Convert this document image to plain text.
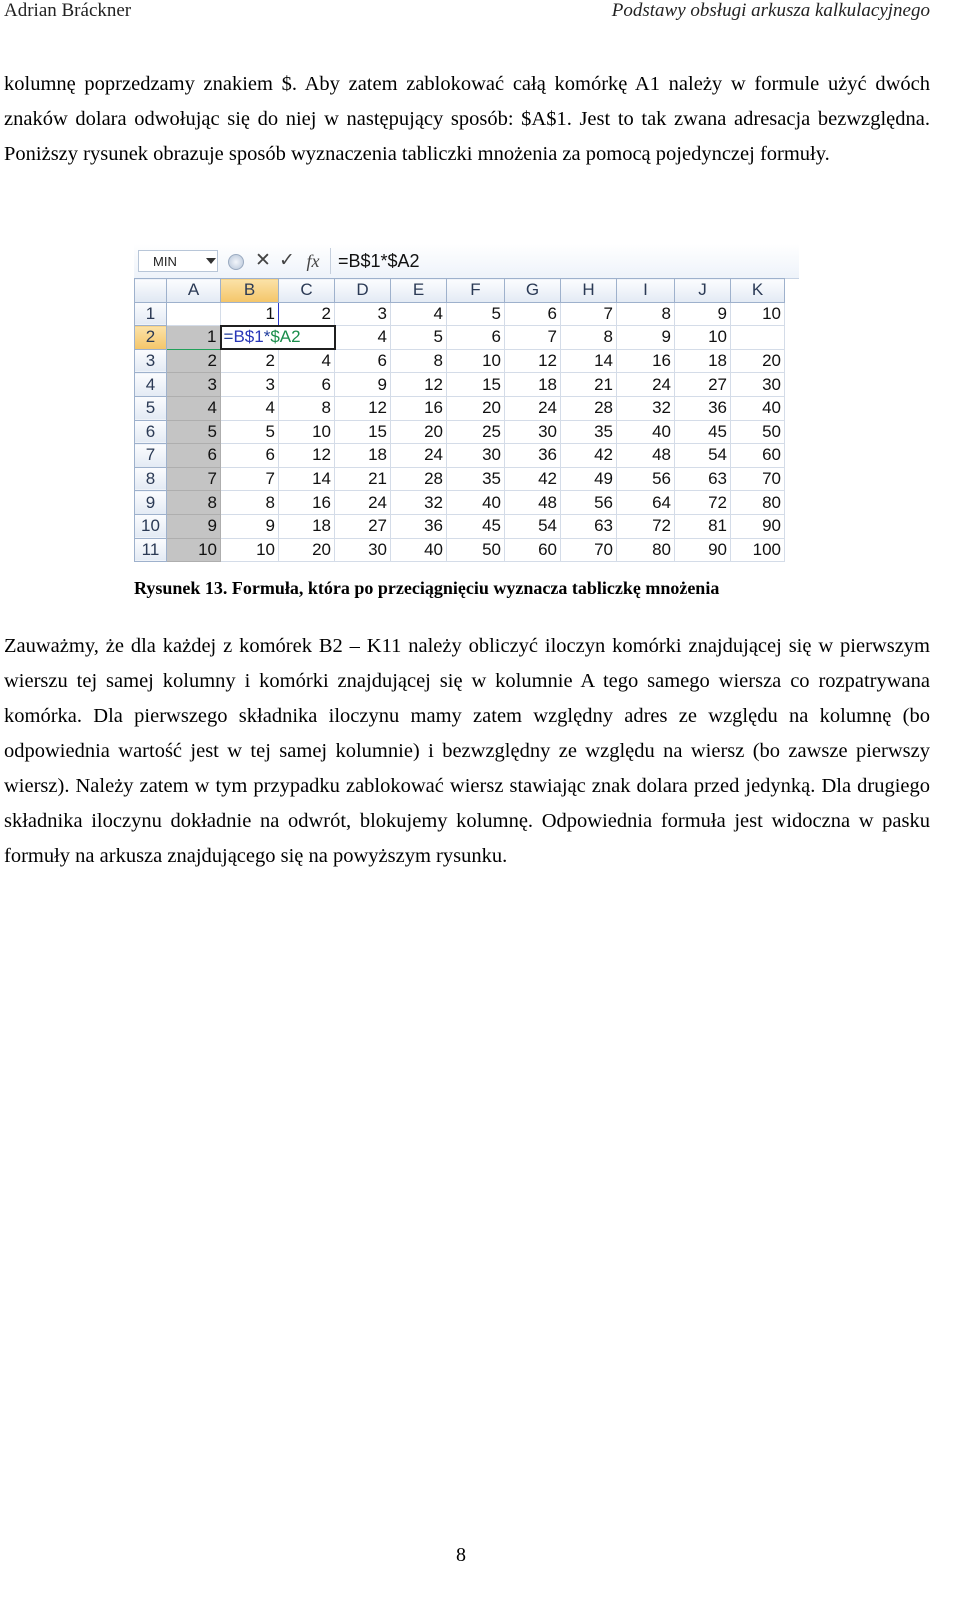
Adrian Bráckner	Podstawy obsługi arkusza kalkulacyjnego
kolumnę poprzedzamy znakiem $. Aby zatem zablokować całą komórkę A1 należy w formule użyć dwóch znaków dolara odwołując się do niej w następujący sposób: $A$1. Jest to tak zwana adresacja bezwzględna. Poniższy rysunek obrazuje sposób wyznaczenia tabliczki mnożenia za pomocą pojedynczej formuły.
MIN	✕ ✓ fx	=B$1*$A2
	A	B	C	D	E	F	G	H	I	J	K
1		1	2	3	4	5	6	7	8	9	10
2	1	=B$1*$A2		4	5	6	7	8	9	10	
3	2	2	4	6	8	10	12	14	16	18	20
4	3	3	6	9	12	15	18	21	24	27	30
5	4	4	8	12	16	20	24	28	32	36	40
6	5	5	10	15	20	25	30	35	40	45	50
7	6	6	12	18	24	30	36	42	48	54	60
8	7	7	14	21	28	35	42	49	56	63	70
9	8	8	16	24	32	40	48	56	64	72	80
10	9	9	18	27	36	45	54	63	72	81	90
11	10	10	20	30	40	50	60	70	80	90	100
Rysunek 13. Formuła, która po przeciągnięciu wyznacza tabliczkę mnożenia
Zauważmy, że dla każdej z komórek B2 – K11 należy obliczyć iloczyn komórki znajdującej się w pierwszym wierszu tej samej kolumny i komórki znajdującej się w kolumnie A tego samego wiersza co rozpatrywana komórka. Dla pierwszego składnika iloczynu mamy zatem względny adres ze względu na kolumnę (bo odpowiednia wartość jest w tej samej kolumnie) i bezwzględny ze względu na wiersz (bo zawsze pierwszy wiersz). Należy zatem w tym przypadku zablokować wiersz stawiając znak dolara przed jedynką. Dla drugiego składnika iloczynu dokładnie na odwrót, blokujemy kolumnę. Odpowiednia formuła jest widoczna w pasku formuły na arkusza znajdującego się na powyższym rysunku.
8
